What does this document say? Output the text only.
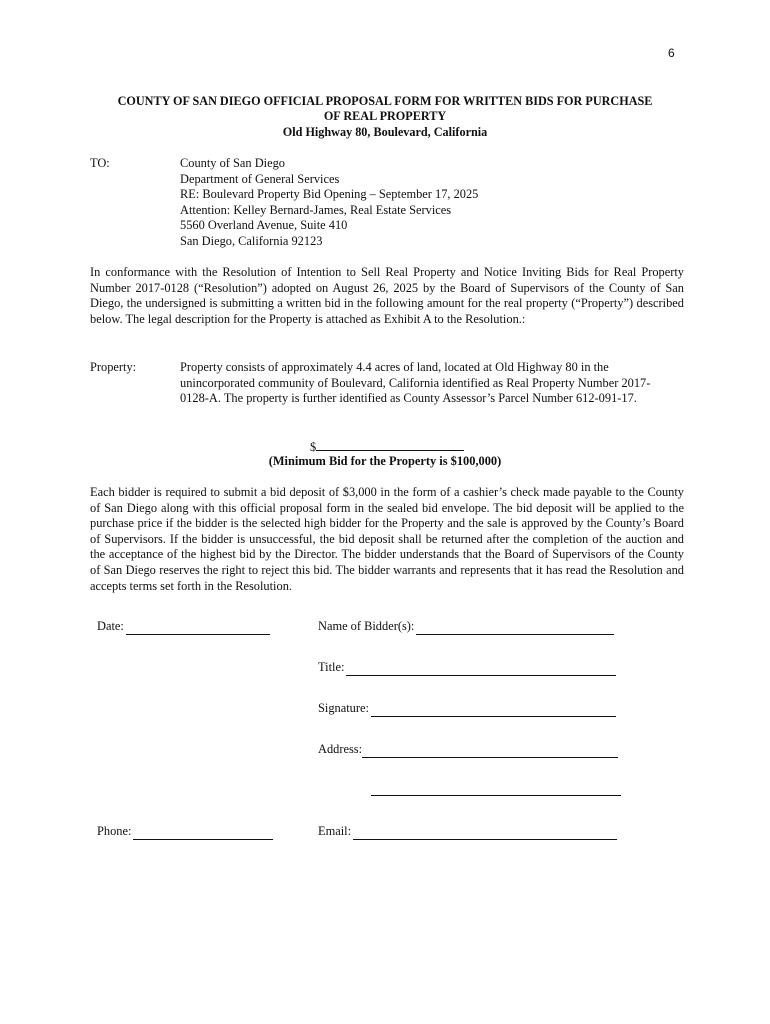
6
COUNTY OF SAN DIEGO OFFICIAL PROPOSAL FORM FOR WRITTEN BIDS FOR PURCHASE
OF REAL PROPERTY
Old Highway 80, Boulevard, California
TO:	County of San Diego
Department of General Services
RE: Boulevard Property Bid Opening – September 17, 2025
Attention: Kelley Bernard-James, Real Estate Services
5560 Overland Avenue, Suite 410
San Diego, California 92123
In conformance with the Resolution of Intention to Sell Real Property and Notice Inviting Bids for Real Property Number 2017-0128 (“Resolution”) adopted on August 26, 2025 by the Board of Supervisors of the County of San Diego, the undersigned is submitting a written bid in the following amount for the real property (“Property”) described below. The legal description for the Property is attached as Exhibit A to the Resolution.:
Property:	Property consists of approximately 4.4 acres of land, located at Old Highway 80 in the unincorporated community of Boulevard, California identified as Real Property Number 2017-0128-A. The property is further identified as County Assessor’s Parcel Number 612-091-17.
$
(Minimum Bid for the Property is $100,000)
Each bidder is required to submit a bid deposit of $3,000 in the form of a cashier’s check made payable to the County of San Diego along with this official proposal form in the sealed bid envelope. The bid deposit will be applied to the purchase price if the bidder is the selected high bidder for the Property and the sale is approved by the County’s Board of Supervisors. If the bidder is unsuccessful, the bid deposit shall be returned after the completion of the auction and the acceptance of the highest bid by the Director. The bidder understands that the Board of Supervisors of the County of San Diego reserves the right to reject this bid. The bidder warrants and represents that it has read the Resolution and accepts terms set forth in the Resolution.
Date:	Name of Bidder(s):
Title:
Signature:
Address:
Phone:	Email:
